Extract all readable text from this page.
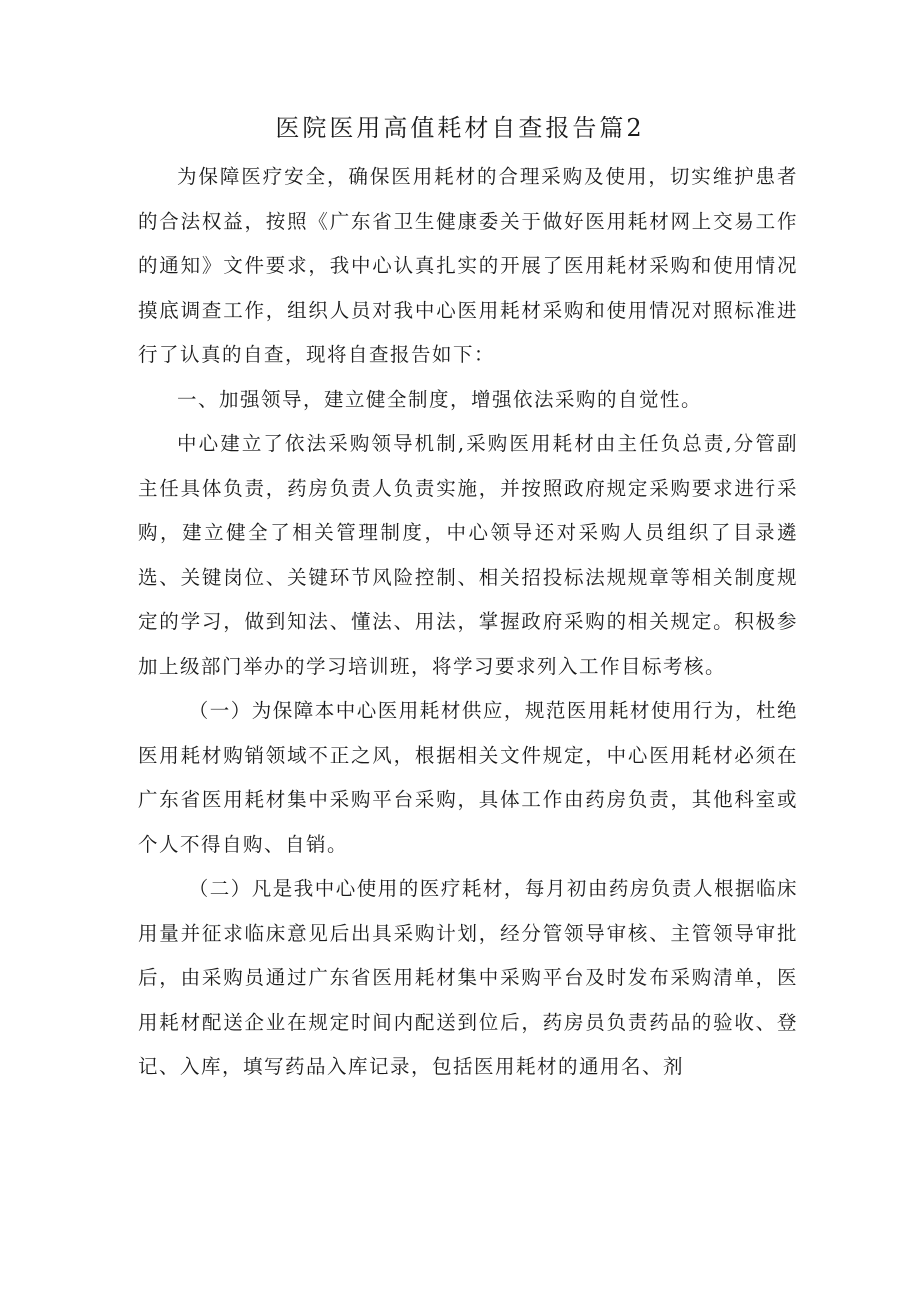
医院医用高值耗材自查报告篇2

为保障医疗安全，确保医用耗材的合理采购及使用，切实维护患者的合法权益，按照《广东省卫生健康委关于做好医用耗材网上交易工作的通知》文件要求，我中心认真扎实的开展了医用耗材采购和使用情况摸底调查工作，组织人员对我中心医用耗材采购和使用情况对照标准进行了认真的自查，现将自查报告如下：

一、加强领导，建立健全制度，增强依法采购的自觉性。

中心建立了依法采购领导机制,采购医用耗材由主任负总责,分管副主任具体负责，药房负责人负责实施，并按照政府规定采购要求进行采购，建立健全了相关管理制度，中心领导还对采购人员组织了目录遴选、关键岗位、关键环节风险控制、相关招投标法规规章等相关制度规定的学习，做到知法、懂法、用法，掌握政府采购的相关规定。积极参加上级部门举办的学习培训班，将学习要求列入工作目标考核。

（一）为保障本中心医用耗材供应，规范医用耗材使用行为，杜绝医用耗材购销领域不正之风，根据相关文件规定，中心医用耗材必须在广东省医用耗材集中采购平台采购，具体工作由药房负责，其他科室或个人不得自购、自销。

（二）凡是我中心使用的医疗耗材，每月初由药房负责人根据临床用量并征求临床意见后出具采购计划，经分管领导审核、主管领导审批后，由采购员通过广东省医用耗材集中采购平台及时发布采购清单，医用耗材配送企业在规定时间内配送到位后，药房员负责药品的验收、登记、入库，填写药品入库记录，包括医用耗材的通用名、剂
